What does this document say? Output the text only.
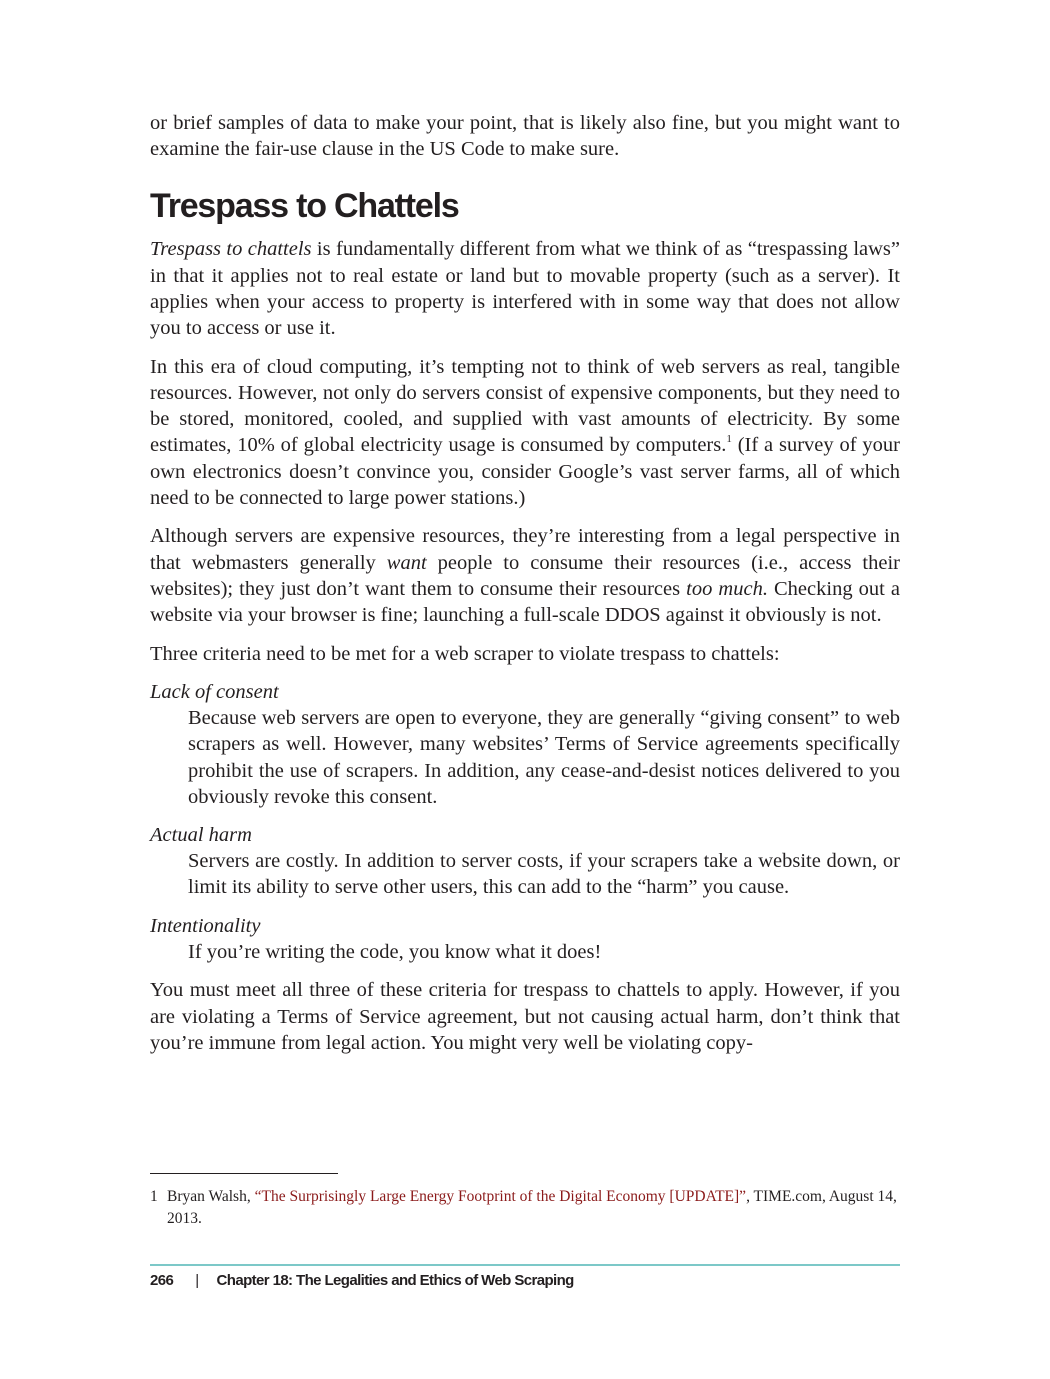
or brief samples of data to make your point, that is likely also fine, but you might want to examine the fair-use clause in the US Code to make sure.

Trespass to Chattels

Trespass to chattels is fundamentally different from what we think of as “trespassing laws” in that it applies not to real estate or land but to movable property (such as a server). It applies when your access to property is interfered with in some way that does not allow you to access or use it.

In this era of cloud computing, it’s tempting not to think of web servers as real, tangible resources. However, not only do servers consist of expensive components, but they need to be stored, monitored, cooled, and supplied with vast amounts of electricity. By some estimates, 10% of global electricity usage is consumed by computers.$^1$ (If a survey of your own electronics doesn’t convince you, consider Google’s vast server farms, all of which need to be connected to large power stations.)

Although servers are expensive resources, they’re interesting from a legal perspective in that webmasters generally want people to consume their resources (i.e., access their websites); they just don’t want them to consume their resources too much. Checking out a website via your browser is fine; launching a full-scale DDOS against it obviously is not.

Three criteria need to be met for a web scraper to violate trespass to chattels:

Lack of consent
Because web servers are open to everyone, they are generally “giving consent” to web scrapers as well. However, many websites’ Terms of Service agreements specifically prohibit the use of scrapers. In addition, any cease-and-desist notices delivered to you obviously revoke this consent.
Actual harm
Servers are costly. In addition to server costs, if your scrapers take a website down, or limit its ability to serve other users, this can add to the “harm” you cause.
Intentionality
If you’re writing the code, you know what it does!

You must meet all three of these criteria for trespass to chattels to apply. However, if you are violating a Terms of Service agreement, but not causing actual harm, don’t think that you’re immune from legal action. You might very well be violating copy-

1 Bryan Walsh, “The Surprisingly Large Energy Footprint of the Digital Economy [UPDATE]”, TIME.com, August 14, 2013.
266 | Chapter 18: The Legalities and Ethics of Web Scraping
